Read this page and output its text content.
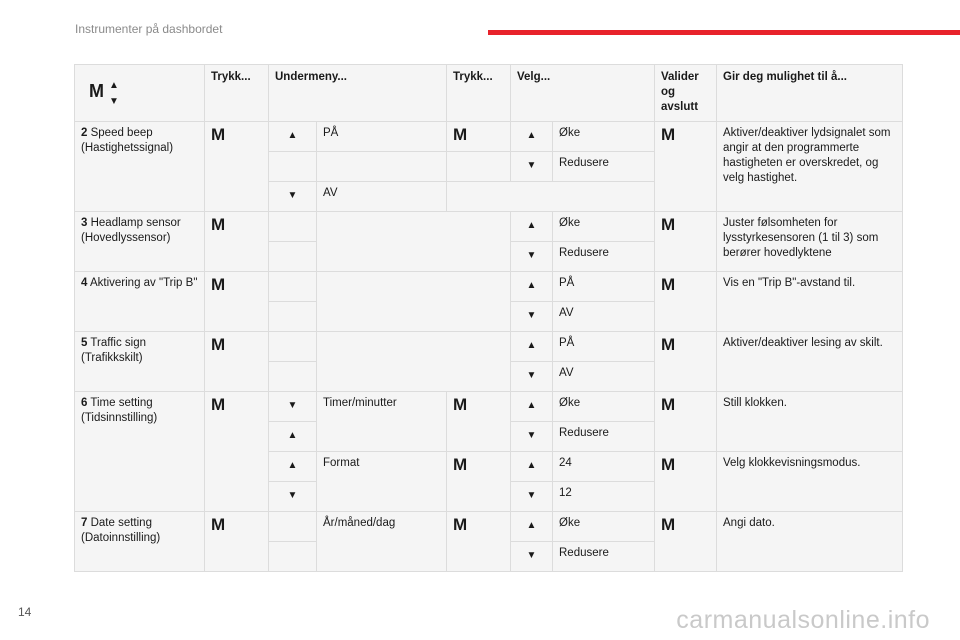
Instrumenter på dashbordet
M ▲
▼	Trykk...	Undermeny...		Trykk...	Velg...		Valider og avslutt	Gir deg mulighet til å...
2 Speed beep (Hastighetssignal)	M	▲	PÅ	M	▲	Øke	M	Aktiver/deaktiver lydsignalet som angir at den programmerte hastigheten er overskredet, og velg hastighet.
					▼	Redusere		
		▼	AV					
3 Headlamp sensor (Hovedlyssensor)	M				▲	Øke	M	Juster følsomheten for lysstyrkesensoren (1 til 3) som berører hovedlyktene
					▼	Redusere		
4 Aktivering av "Trip B"	M				▲	PÅ	M	Vis en "Trip B"-avstand til.
					▼	AV		
5 Traffic sign (Trafikkskilt)	M				▲	PÅ	M	Aktiver/deaktiver lesing av skilt.
					▼	AV		
6 Time setting (Tidsinnstilling)	M	▼	Timer/minutter	M	▲	Øke	M	Still klokken.
		▲			▼	Redusere		
		▲	Format	M	▲	24	M	Velg klokkevisningsmodus.
		▼			▼	12		
7 Date setting (Datoinnstilling)	M		År/måned/dag	M	▲	Øke	M	Angi dato.
					▼	Redusere		
14	carmanualsonline.info
